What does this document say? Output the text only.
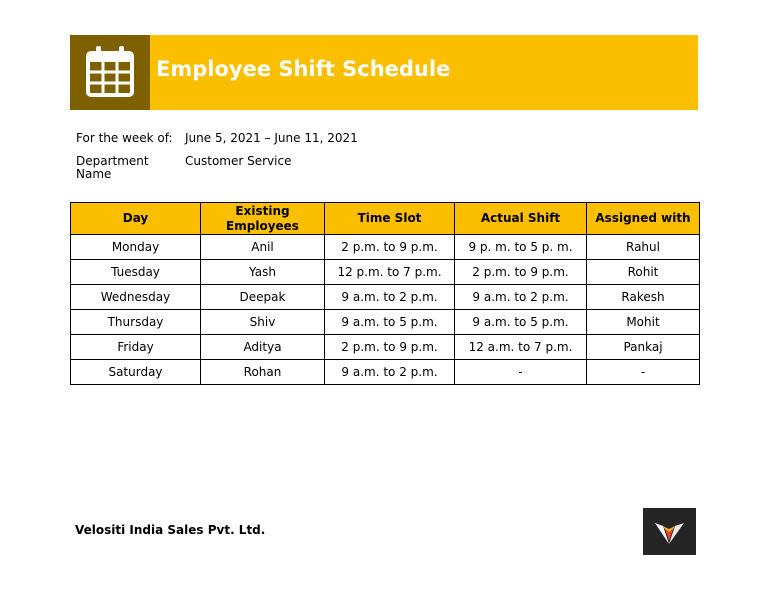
Employee Shift Schedule
For the week of: June 5, 2021 – June 11, 2021
Department Name
Customer Service
Day	Existing Employees	Time Slot	Actual Shift	Assigned with
Monday	Anil	2 p.m. to 9 p.m.	9 p. m. to 5 p. m.	Rahul
Tuesday	Yash	12 p.m. to 7 p.m.	2 p.m. to 9 p.m.	Rohit
Wednesday	Deepak	9 a.m. to 2 p.m.	9 a.m. to 2 p.m.	Rakesh
Thursday	Shiv	9 a.m. to 5 p.m.	9 a.m. to 5 p.m.	Mohit
Friday	Aditya	2 p.m. to 9 p.m.	12 a.m. to 7 p.m.	Pankaj
Saturday	Rohan	9 a.m. to 2 p.m.	-	-
Velositi India Sales Pvt. Ltd.
